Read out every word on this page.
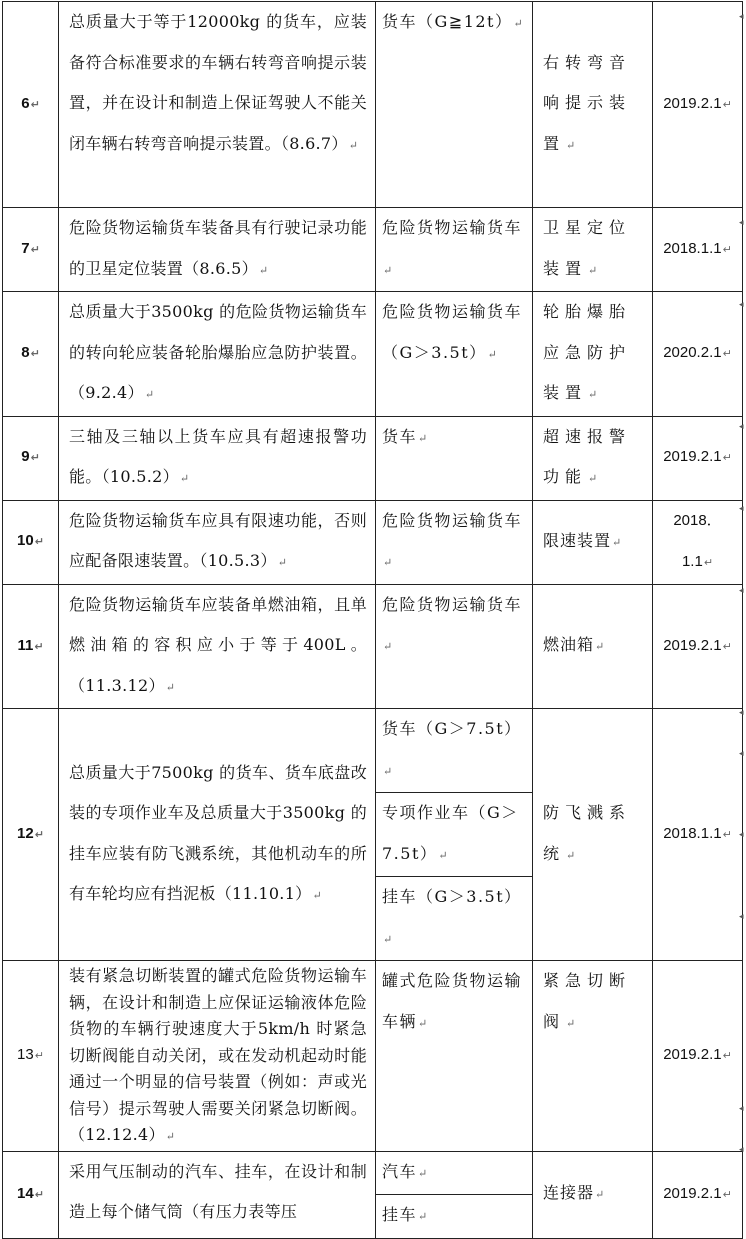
6↵	总质量大于等于12000kg 的货车，应装备符合标准要求的车辆右转弯音响提示装置，并在设计和制造上保证驾驶人不能关闭车辆右转弯音响提示装置。（8.6.7）↵	货车（G≧12t）↵	右转弯音响提示装置↵	2019.2.1↵
7↵	危险货物运输货车装备具有行驶记录功能的卫星定位装置（8.6.5）↵	危险货物运输货车↵	卫星定位装置↵	2018.1.1↵
8↵	总质量大于3500kg 的危险货物运输货车的转向轮应装备轮胎爆胎应急防护装置。（9.2.4）↵	危险货物运输货车（G＞3.5t）↵	轮胎爆胎应急防护装置↵	2020.2.1↵
9↵	三轴及三轴以上货车应具有超速报警功能。（10.5.2）↵	货车↵	超速报警功能↵	2019.2.1↵
10↵	危险货物运输货车应具有限速功能，否则应配备限速装置。（10.5.3）↵	危险货物运输货车↵	限速装置↵	2018．1.1↵
11↵	危险货物运输货车应装备单燃油箱，且单燃油箱的容积应小于等于400L。（11.3.12）↵	危险货物运输货车↵	燃油箱↵	2019.2.1↵
12↵	总质量大于7500kg 的货车、货车底盘改装的专项作业车及总质量大于3500kg 的挂车应装有防飞溅系统，其他机动车的所有车轮均应有挡泥板（11.10.1）↵	货车（G＞7.5t）↵	防飞溅系统↵	2018.1.1↵
		专项作业车（G＞7.5t）↵		
		挂车（G＞3.5t）↵		
13↵	装有紧急切断装置的罐式危险货物运输车辆，在设计和制造上应保证运输液体危险货物的车辆行驶速度大于5km/h 时紧急切断阀能自动关闭，或在发动机起动时能通过一个明显的信号装置（例如：声或光信号）提示驾驶人需要关闭紧急切断阀。（12.12.4）↵	罐式危险货物运输车辆↵	紧急切断阀↵	2019.2.1↵
14↵	采用气压制动的汽车、挂车，在设计和制造上每个储气筒（有压力表等压	汽车↵	连接器↵	2019.2.1↵
		挂车↵		
◂
◂
◂
◂
◂
◂
◂
◂
◂
◂
◂
◂
